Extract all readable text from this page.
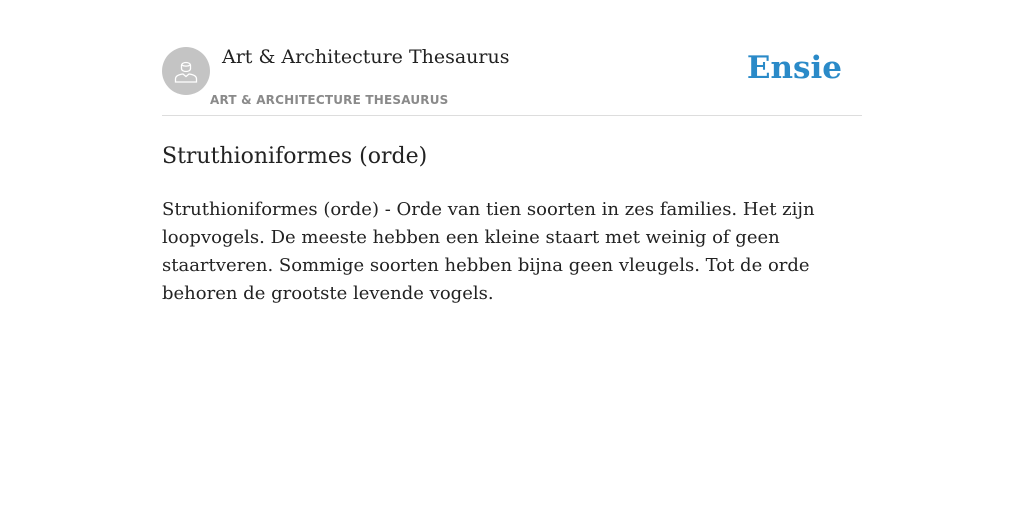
Art & Architecture Thesaurus
ART & ARCHITECTURE THESAURUS
Ensie
Struthioniformes (orde)

Struthioniformes (orde) - Orde van tien soorten in zes families. Het zijn loopvogels. De meeste hebben een kleine staart met weinig of geen staartveren. Sommige soorten hebben bijna geen vleugels. Tot de orde behoren de grootste levende vogels.
